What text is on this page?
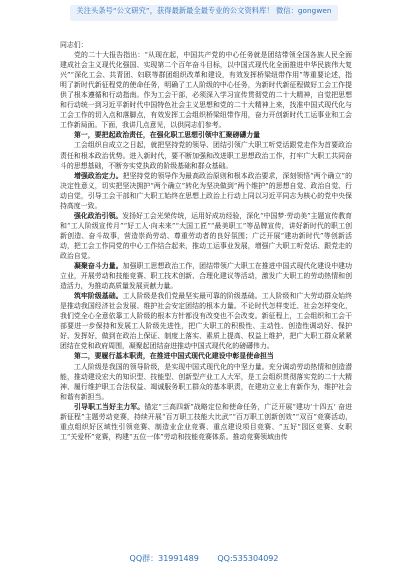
关注头条号“公文研究”，获得最新最全最专业的公文资料库！ 微信：gongwen

同志们：

党的二十大报告指出：“从现在起，中国共产党的中心任务就是团结带领全国各族人民全面建成社会主义现代化强国、实现第二个百年奋斗目标，以中国式现代化全面推进中华民族伟大复兴”“深化工会、共青团、妇联等群团组织改革和建设，有效发挥桥梁纽带作用”等重要论述，指明了新时代新征程党的使命任务，明确了工人阶级的中心任务，为新时代新征程做好工会工作提供了根本遵循和行动指南。作为工会干部，必须深入学习宣传贯彻党的二十大精神，自觉把思想和行动统一到习近平新时代中国特色社会主义思想和党的二十大精神上来，找准中国式现代化与工会工作的切入点和落脚点，有效发挥工会组织桥梁纽带作用，奋力开创新时代工运事业和工会工作新局面。下面，我讲几点意见，以供同志们参考。

第一，要把起政治责任，在强化职工思想引领中汇聚磅礴力量

工会组织自成立之日起，就把坚持党的领导、团结引领广大职工听党话跟党走作为首要政治责任和根本政治优势。进入新时代，要不断加强和改进职工思想政治工作，打牢广大职工共同奋斗的思想基础，不断夯实党执政的阶级基础和群众基础。

增强政治定力。把坚持党的领导作为最高政治原则和根本政治要求，深刻领悟“两个确立”的决定性意义，切实把坚决拥护“两个确立”转化为坚决做到“两个维护”的思想自觉、政治自觉、行动自觉，引导工会干部和广大职工始终在思想上政治上行动上同以习近平同志为核心的党中央保持高度一致。

强化政治引领。发扬好工会光荣传统，运用好成功经验，深化“中国梦·劳动美”主题宣传教育和“工人阶级宣传月”“好工人·向未来”“大国工匠”“最美职工”等品牌宣传，讲好新时代的职工创新创造、奋斗故事，营造崇尚劳动、尊重劳动者的良好氛围；广泛开展“建功新时代”等创新活动，把工会工作同党的中心工作结合起来，推动工运事业发展，增强广大职工听党话、跟党走的政治自觉。

凝聚奋斗力量。加强职工思想政治工作，团结带领广大职工在推进中国式现代化建设中建功立业，开展劳动和技能竞赛、职工技术创新、合理化建议等活动，激发广大职工的劳动热情和创造活力，为推动高质量发展贡献力量。

筑牢阶级基础。工人阶级是我们党最坚实最可靠的阶级基础。工人阶级和广大劳动群众始终是推动我国经济社会发展、维护社会安定团结的根本力量。不论时代怎样变迁、社会怎样变化，我们党全心全意依靠工人阶级的根本方针都没有改变也不会改变。新征程上，工会组织和工会干部要进一步保持和发展工人阶级先进性，把广大职工的积极性、主动性、创造性调动好、保护好、发挥好，做到在政治上保证、制度上落实、素质上提高、权益上维护，把广大职工群众紧紧团结在党和政府周围，凝聚起团结奋进推动中国式现代化的磅礴伟力。

第二，要履行基本职责，在推进中国式现代化建设中彰显使命担当

工人阶级是我国的领导阶级，是实现中国式现代化的中坚力量。充分调动劳动热情和创造潜能，推动建设宏大的知识型、技能型、创新型产业工人大军，是工会组织贯彻落实党的二十大精神、履行维护职工合法权益、竭诚服务职工群众的基本职责，在建功立业上有新作为，维护社会和谐有新担当。

引导职工当好主力军。锚定“三高四新”战略定位和使命任务，广泛开展“建功‘十四五’ 奋进新征程”主题劳动竞赛，持续开展“百万职工技能大比武”“百万职工创新创效”“双百”竞赛活动，重点组织好区域性引领竞赛、制造业企业竞赛、重点建设项目竞赛、“五好”园区竞赛、女职工“关爱杯”竞赛，构建“五位一体”劳动和技能竞赛体系。推动竞赛领域由传

QQ群：31991489 QQ:535304092
